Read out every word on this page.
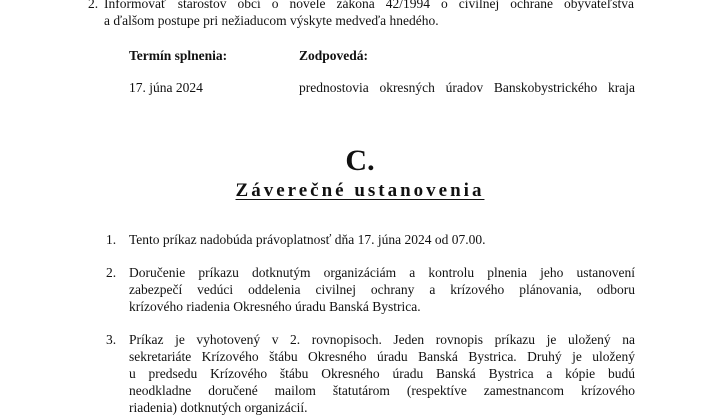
2. Informovať starostov obcí o novele zákona 42/1994 o civilnej ochrane obyvateľstva
a ďalšom postupe pri nežiaducom výskyte medveďa hnedého.
Termín splnenia:	Zodpovedá:
17. júna 2024	prednostovia okresných úradov Banskobystrického kraja
C.
Záverečné ustanovenia
1. Tento príkaz nadobúda právoplatnosť dňa 17. júna 2024 od 07.00.
2. Doručenie príkazu dotknutým organizáciám a kontrolu plnenia jeho ustanovení
zabezpečí vedúci oddelenia civilnej ochrany a krízového plánovania, odboru
krízového riadenia Okresného úradu Banská Bystrica.
3. Príkaz je vyhotovený v 2. rovnopisoch. Jeden rovnopis príkazu je uložený na
sekretariáte Krízového štábu Okresného úradu Banská Bystrica. Druhý je uložený
u predsedu Krízového štábu Okresného úradu Banská Bystrica a kópie budú
neodkladne doručené mailom štatutárom (respektíve zamestnancom krízového
riadenia) dotknutých organizácií.
